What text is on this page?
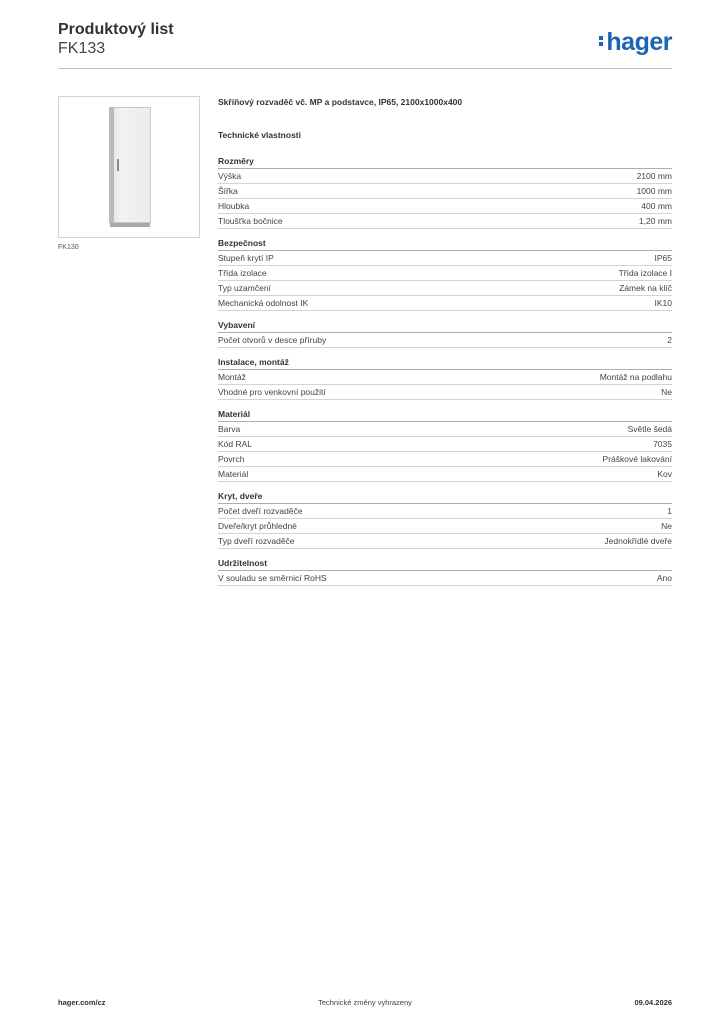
Produktový list
FK133	hager
FK130
Skříňový rozvaděč vč. MP a podstavce, IP65, 2100x1000x400
Technické vlastnosti
Rozměry
Výška	2100 mm
Šířka	1000 mm
Hloubka	400 mm
Tloušťka bočnice	1,20 mm
Bezpečnost
Stupeň krytí IP	IP65
Třída izolace	Třída izolace I
Typ uzamčení	Zámek na klíč
Mechanická odolnost IK	IK10
Vybavení
Počet otvorů v desce příruby	2
Instalace, montáž
Montáž	Montáž na podlahu
Vhodné pro venkovní použití	Ne
Materiál
Barva	Světle šedá
Kód RAL	7035
Povrch	Práškové lakování
Materiál	Kov
Kryt, dveře
Počet dveří rozvaděče	1
Dveře/kryt průhledné	Ne
Typ dveří rozvaděče	Jednokřídlé dveře
Udržitelnost
V souladu se směrnicí RoHS	Ano
hager.com/cz	Technické změny vyhrazeny	09.04.2026
